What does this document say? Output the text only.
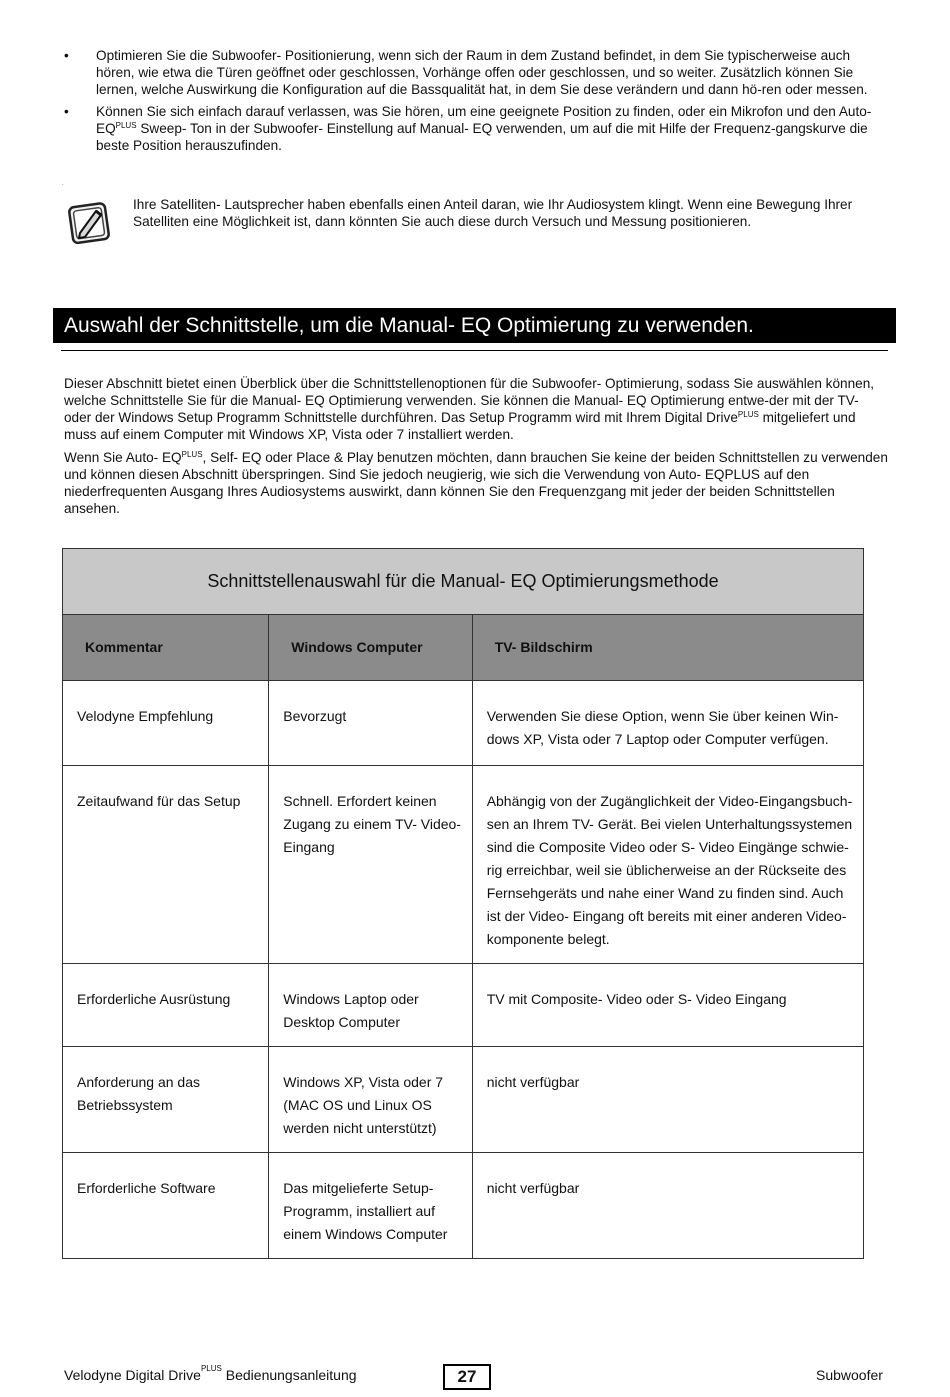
• Optimieren Sie die Subwoofer- Positionierung, wenn sich der Raum in dem Zustand befindet, in dem Sie typischerweise auch hören, wie etwa die Türen geöffnet oder geschlossen, Vorhänge offen oder geschlossen, und so weiter. Zusätzlich können Sie lernen, welche Auswirkung die Konfiguration auf die Bassqualität hat, in dem Sie dese verändern und dann hö-ren oder messen.
• Können Sie sich einfach darauf verlassen, was Sie hören, um eine geeignete Position zu finden, oder ein Mikrofon und den Auto- $EQ^{PLUS}$ Sweep- Ton in der Subwoofer- Einstellung auf Manual- EQ verwenden, um auf die mit Hilfe der Frequenz-gangskurve die beste Position herauszufinden.
.
Ihre Satelliten- Lautsprecher haben ebenfalls einen Anteil daran, wie Ihr Audiosystem klingt. Wenn eine Bewegung Ihrer Satelliten eine Möglichkeit ist, dann könnten Sie auch diese durch Versuch und Messung positionieren.
Auswahl der Schnittstelle, um die Manual- EQ Optimierung zu verwenden.

Dieser Abschnitt bietet einen Überblick über die Schnittstellenoptionen für die Subwoofer- Optimierung, sodass Sie auswählen können, welche Schnittstelle Sie für die Manual- EQ Optimierung verwenden. Sie können die Manual- EQ Optimierung entwe-der mit der TV- oder der Windows Setup Programm Schnittstelle durchführen. Das Setup Programm wird mit Ihrem Digital Drive$^{PLUS}$ mitgeliefert und muss auf einem Computer mit Windows XP, Vista oder 7 installiert werden.

Wenn Sie Auto- $EQ^{PLUS}$, Self- EQ oder Place & Play benutzen möchten, dann brauchen Sie keine der beiden Schnittstellen zu verwenden und können diesen Abschnitt überspringen. Sind Sie jedoch neugierig, wie sich die Verwendung von Auto- EQPLUS auf den niederfrequenten Ausgang Ihres Audiosystems auswirkt, dann können Sie den Frequenzgang mit jeder der beiden Schnittstellen ansehen.

Schnittstellenauswahl für die Manual- EQ Optimierungsmethode		
Kommentar	Windows Computer	TV- Bildschirm

Velodyne Empfehlung	Bevorzugt	Verwenden Sie diese Option, wenn Sie über keinen Win-dows XP, Vista oder 7 Laptop oder Computer verfügen.

Zeitaufwand für das Setup	Schnell. Erfordert keinen Zugang zu einem TV- Video- Eingang	Abhängig von der Zugänglichkeit der Video-Eingangsbuch-sen an Ihrem TV- Gerät. Bei vielen Unterhaltungssystemen sind die Composite Video oder S- Video Eingänge schwie-rig erreichbar, weil sie üblicherweise an der Rückseite des Fernsehgeräts und nahe einer Wand zu finden sind. Auch ist der Video- Eingang oft bereits mit einer anderen Video-komponente belegt.

Erforderliche Ausrüstung	Windows Laptop oder Desktop Computer	TV mit Composite- Video oder S- Video Eingang

Anforderung an das Betriebssystem	Windows XP, Vista oder 7 (MAC OS und Linux OS werden nicht unterstützt)	nicht verfügbar

Erforderliche Software	Das mitgelieferte Setup-Programm, installiert auf einem Windows Computer	nicht verfügbar
Velodyne Digital Drive$^{PLUS}$ Bedienungsanleitung	27	Subwoofer
